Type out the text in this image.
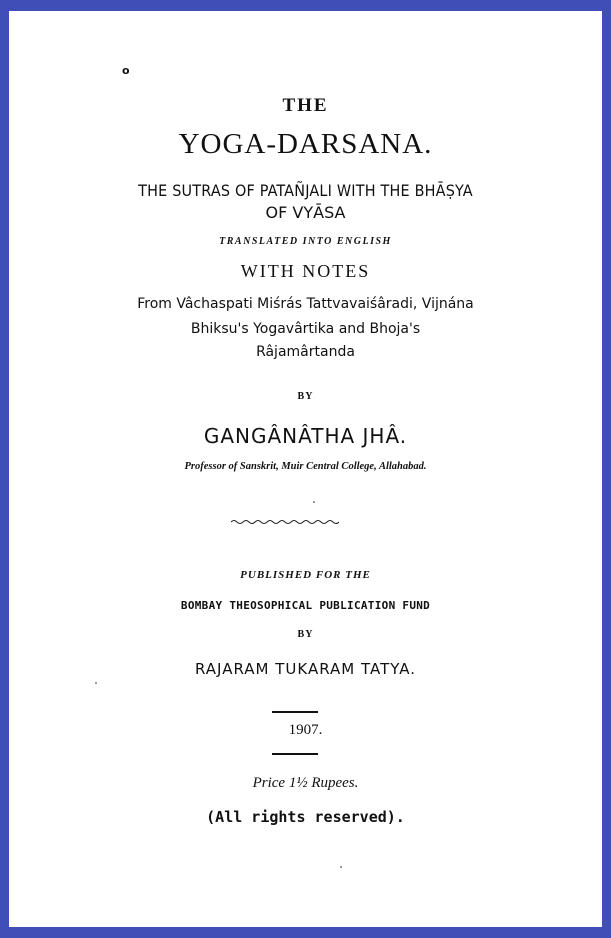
o
THE
YOGA-DARSANA.
THE SUTRAS OF PATAÑJALI WITH THE BHĀṢYA
OF VYĀSA
TRANSLATED INTO ENGLISH
WITH NOTES
From Vâchaspati Miśrás Tattvavaiśâradi, Vijnána
Bhiksu's Yogavârtika and Bhoja's
Râjamârtanda
BY
GANGÂNÂTHA JHÂ.
Professor of Sanskrit, Muir Central College, Allahabad.
PUBLISHED FOR THE
BOMBAY THEOSOPHICAL PUBLICATION FUND
BY
RAJARAM TUKARAM TATYA.
1907.
Price 1½ Rupees.
(All rights reserved).
